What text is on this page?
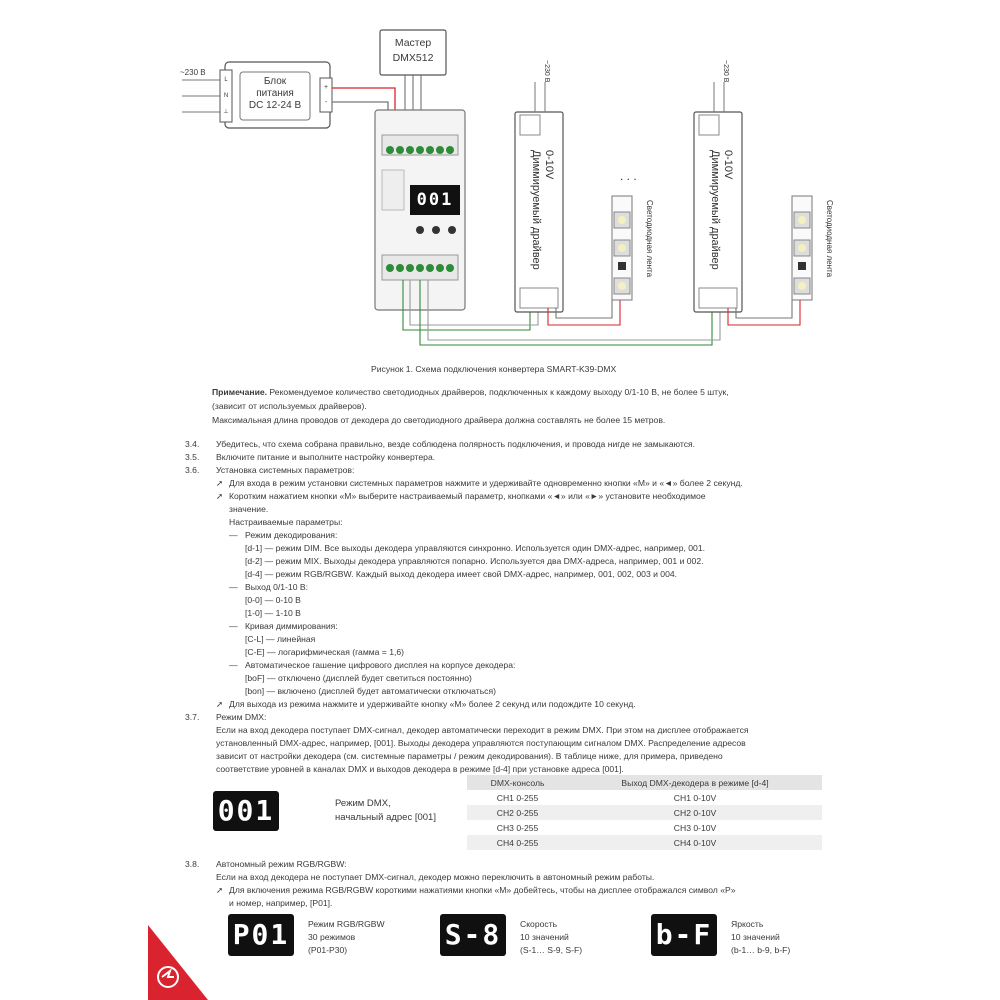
~230 В
Блок
питания
DC 12-24 В
L
N
⊥
+
-
Мастер
DMX512
001
~230 В
0-10V
Диммируемый драйвер	. . .
Светодиодная лента
~230 В
0-10V
Диммируемый драйвер	Светодиодная лента
Рисунок 1. Схема подключения конвертера SMART-K39-DMX
Примечание. Рекомендуемое количество светодиодных драйверов, подключенных к каждому выходу 0/1-10 В, не более 5 штук,
(зависит от используемых драйверов).
Максимальная длина проводов от декодера до светодиодного драйвера должна составлять не более 15 метров.
3.4. Убедитесь, что схема собрана правильно, везде соблюдена полярность подключения, и провода нигде не замыкаются.
3.5. Включите питание и выполните настройку конвертера.
3.6. Установка системных параметров:
➚ Для входа в режим установки системных параметров нажмите и удерживайте одновременно кнопки «M» и «◄» более 2 секунд.
➚ Коротким нажатием кнопки «M» выберите настраиваемый параметр, кнопками «◄» или «►» установите необходимое
значение.
Настраиваемые параметры:
— Режим декодирования:
[d-1] — режим DIM. Все выходы декодера управляются синхронно. Используется один DMX-адрес, например, 001.
[d-2] — режим MIX. Выходы декодера управляются попарно. Используется два DMX-адреса, например, 001 и 002.
[d-4] — режим RGB/RGBW. Каждый выход декодера имеет свой DMX-адрес, например, 001, 002, 003 и 004.
— Выход 0/1-10 В:
[0-0] — 0-10 В
[1-0] — 1-10 В
— Кривая диммирования:
[C-L] — линейная
[C-E] — логарифмическая (гамма = 1,6)
— Автоматическое гашение цифрового дисплея на корпусе декодера:
[boF] — отключено (дисплей будет светиться постоянно)
[bon] — включено (дисплей будет автоматически отключаться)
➚ Для выхода из режима нажмите и удерживайте кнопку «M» более 2 секунд или подождите 10 секунд.
3.7. Режим DMX:
Если на вход декодера поступает DMX-сигнал, декодер автоматически переходит в режим DMX. При этом на дисплее отображается
установленный DMX-адрес, например, [001]. Выходы декодера управляются поступающим сигналом DMX. Распределение адресов
зависит от настройки декодера (см. системные параметры / режим декодирования). В таблице ниже, для примера, приведено
соответствие уровней в каналах DMX и выходов декодера в режиме [d-4] при установке адреса [001].
001	Режим DMX,
начальный адрес [001]
DMX-консоль	Выход DMX-декодера в режиме [d-4]
CH1 0-255	CH1 0-10V
CH2 0-255	CH2 0-10V
CH3 0-255	CH3 0-10V
CH4 0-255	CH4 0-10V
3.8. Автономный режим RGB/RGBW:
Если на вход декодера не поступает DMX-сигнал, декодер можно переключить в автономный режим работы.
➚ Для включения режима RGB/RGBW короткими нажатиями кнопки «M» добейтесь, чтобы на дисплее отображался символ «P»
и номер, например, [P01].
P01	Режим RGB/RGBW
30 режимов
(P01-P30)	S-8	Скорость
10 значений
(S-1… S-9, S-F)	b-F	Яркость
10 значений
(b-1… b-9, b-F)
